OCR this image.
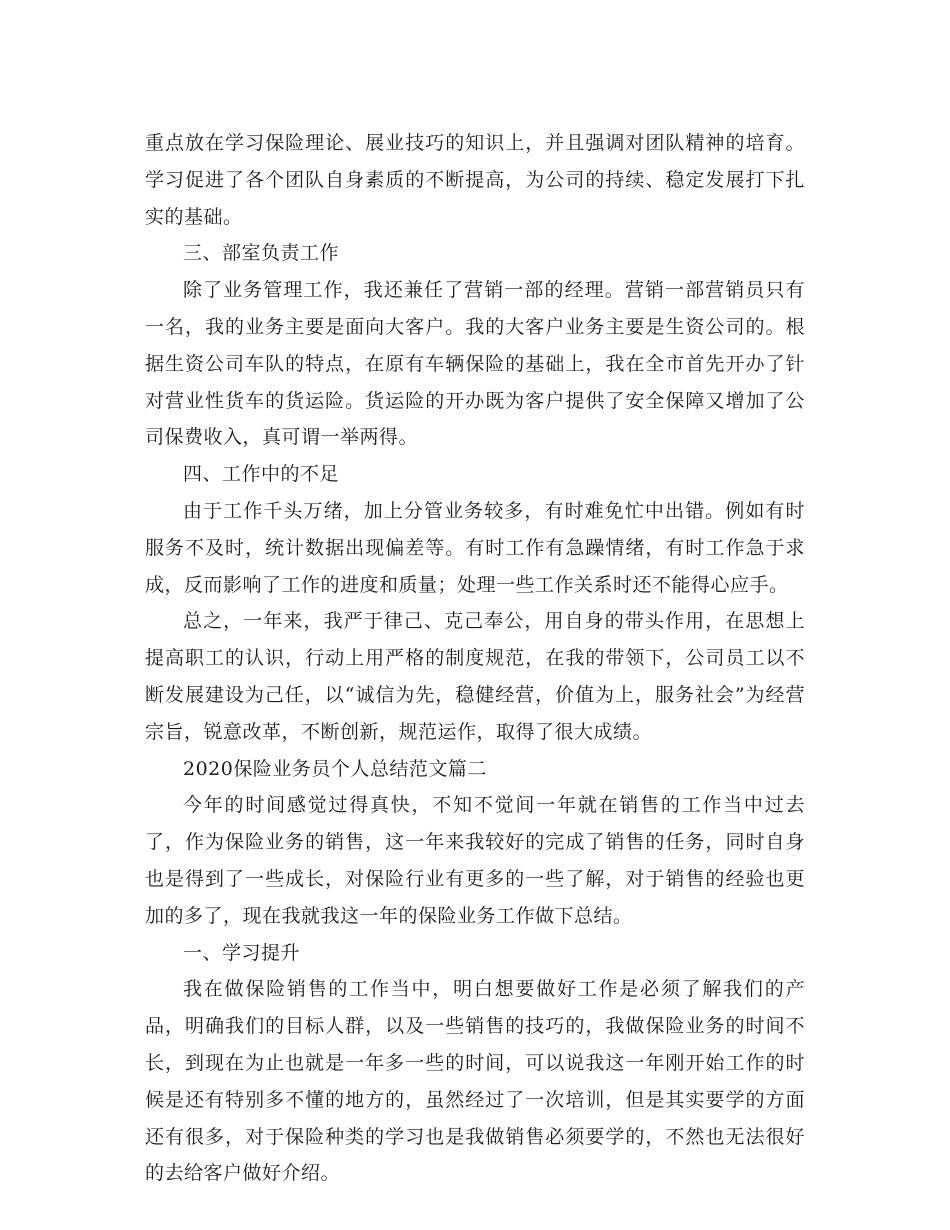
重点放在学习保险理论、展业技巧的知识上，并且强调对团队精神的培育。学习促进了各个团队自身素质的不断提高，为公司的持续、稳定发展打下扎实的基础。

三、部室负责工作

除了业务管理工作，我还兼任了营销一部的经理。营销一部营销员只有一名，我的业务主要是面向大客户。我的大客户业务主要是生资公司的。根据生资公司车队的特点，在原有车辆保险的基础上，我在全市首先开办了针对营业性货车的货运险。货运险的开办既为客户提供了安全保障又增加了公司保费收入，真可谓一举两得。

四、工作中的不足

由于工作千头万绪，加上分管业务较多，有时难免忙中出错。例如有时服务不及时，统计数据出现偏差等。有时工作有急躁情绪，有时工作急于求成，反而影响了工作的进度和质量；处理一些工作关系时还不能得心应手。

总之，一年来，我严于律己、克己奉公，用自身的带头作用，在思想上提高职工的认识，行动上用严格的制度规范，在我的带领下，公司员工以不断发展建设为己任，以“诚信为先，稳健经营，价值为上，服务社会”为经营宗旨，锐意改革，不断创新，规范运作，取得了很大成绩。

2020保险业务员个人总结范文篇二

今年的时间感觉过得真快，不知不觉间一年就在销售的工作当中过去了，作为保险业务的销售，这一年来我较好的完成了销售的任务，同时自身也是得到了一些成长，对保险行业有更多的一些了解，对于销售的经验也更加的多了，现在我就我这一年的保险业务工作做下总结。

一、学习提升

我在做保险销售的工作当中，明白想要做好工作是必须了解我们的产品，明确我们的目标人群，以及一些销售的技巧的，我做保险业务的时间不长，到现在为止也就是一年多一些的时间，可以说我这一年刚开始工作的时候是还有特别多不懂的地方的，虽然经过了一次培训，但是其实要学的方面还有很多，对于保险种类的学习也是我做销售必须要学的，不然也无法很好的去给客户做好介绍。
